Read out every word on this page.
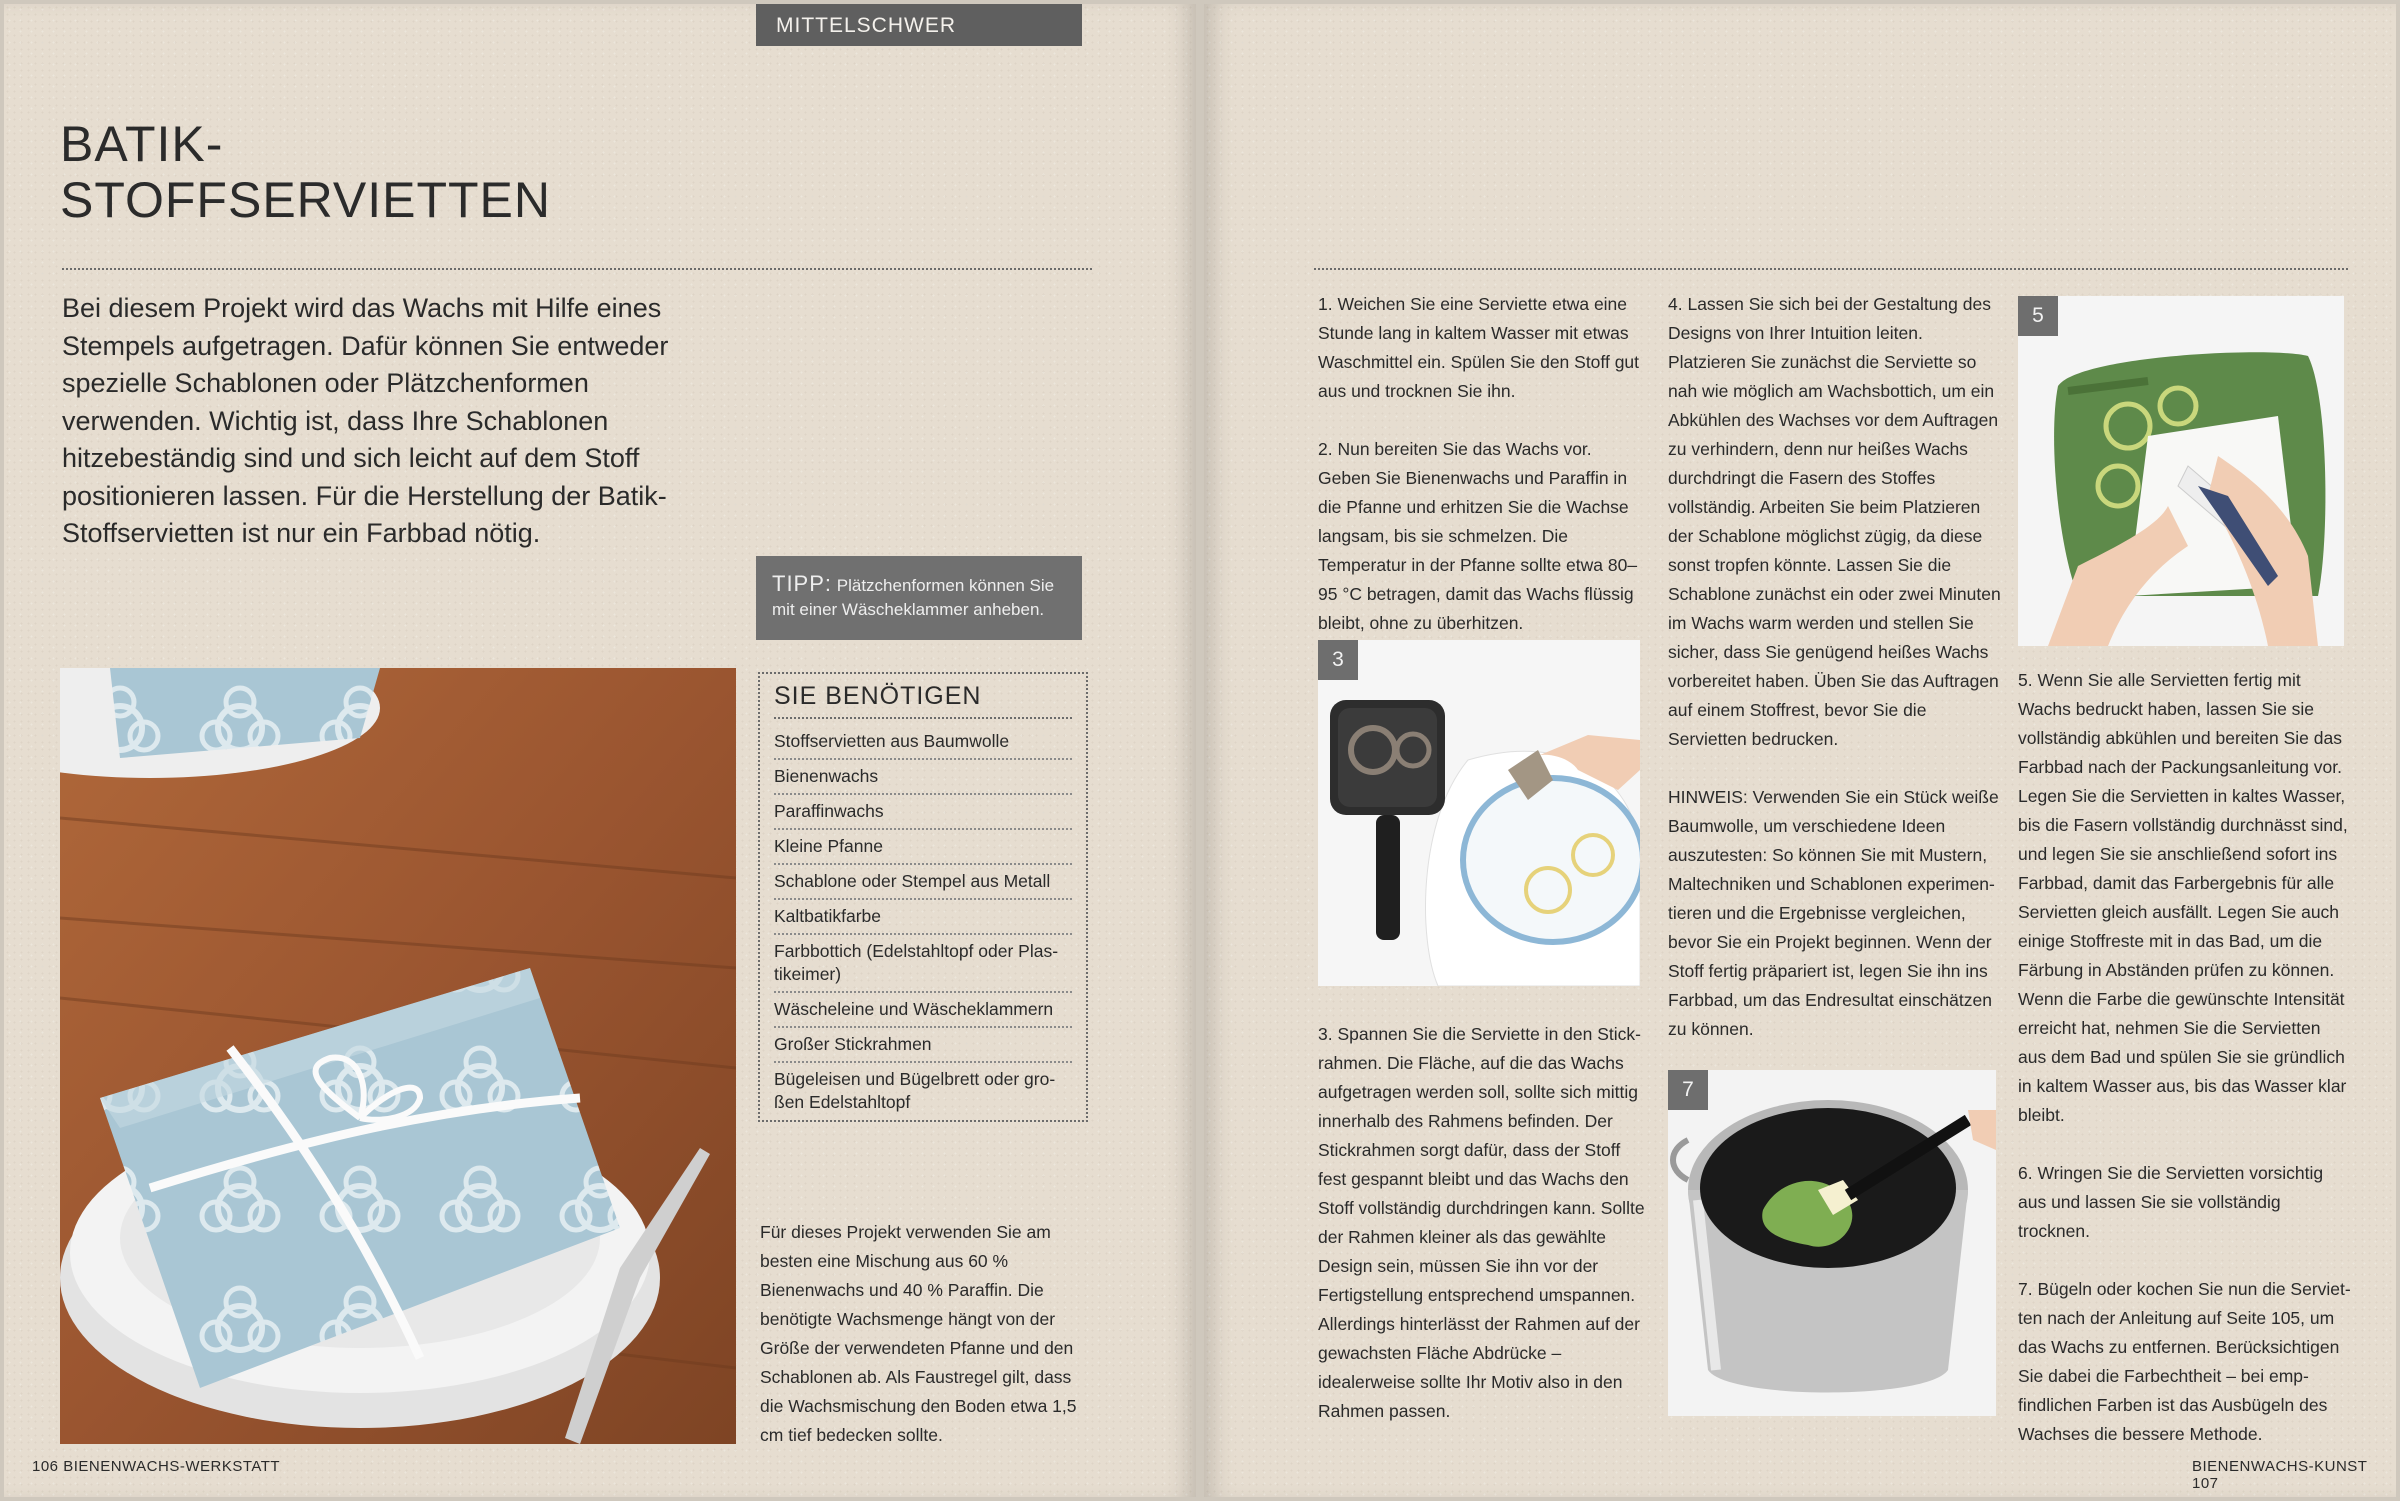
MITTELSCHWER
BATIK-
STOFFSERVIETTEN

Bei diesem Projekt wird das Wachs mit Hilfe eines Stempels aufgetragen. Dafür können Sie entweder spezielle Schablonen oder Plätzchenformen verwenden. Wichtig ist, dass Ihre Schablonen hitzebeständig sind und sich leicht auf dem Stoff positionieren lassen. Für die Herstellung der Batik-Stoffservietten ist nur ein Farbbad nötig.

TIPP: Plätzchenformen können Sie mit einer Wäscheklammer anheben.
SIE BENÖTIGEN
Stoffservietten aus Baumwolle
Bienenwachs
Paraffinwachs
Kleine Pfanne
Schablone oder Stempel aus Metall
Kaltbatikfarbe
Farbbottich (Edelstahltopf oder Plastikeimer)
Wäscheleine und Wäscheklammern
Großer Stickrahmen
Bügeleisen und Bügelbrett oder großen Edelstahltopf
Für dieses Projekt verwenden Sie am besten eine Mischung aus 60 % Bienenwachs und 40 % Paraffin. Die benötigte Wachsmenge hängt von der Größe der verwendeten Pfanne und den Schablonen ab. Als Faustregel gilt, dass die Wachsmischung den Boden etwa 1,5 cm tief bedecken sollte.
106 BIENENWACHS-WERKSTATT

1. Weichen Sie eine Serviette etwa eine Stunde lang in kaltem Wasser mit etwas Waschmittel ein. Spülen Sie den Stoff gut aus und trocknen Sie ihn.

2. Nun bereiten Sie das Wachs vor. Geben Sie Bienenwachs und Paraffin in die Pfanne und erhitzen Sie die Wachse langsam, bis sie schmelzen. Die Temperatur in der Pfanne sollte etwa 80–95 °C betragen, damit das Wachs flüssig bleibt, ohne zu überhitzen.

3
3. Spannen Sie die Serviette in den Stickrahmen. Die Fläche, auf die das Wachs aufgetragen werden soll, sollte sich mittig innerhalb des Rahmens befinden. Der Stickrahmen sorgt dafür, dass der Stoff fest gespannt bleibt und das Wachs den Stoff vollständig durchdringen kann. Sollte der Rahmen kleiner als das gewählte Design sein, müssen Sie ihn vor der Fertigstellung entsprechend umspannen. Allerdings hinterlässt der Rahmen auf der gewachsten Fläche Abdrücke – idealerweise sollte Ihr Motiv also in den Rahmen passen.

4. Lassen Sie sich bei der Gestaltung des Designs von Ihrer Intuition leiten. Platzieren Sie zunächst die Serviette so nah wie möglich am Wachsbottich, um ein Abkühlen des Wachses vor dem Auftragen zu verhindern, denn nur heißes Wachs durchdringt die Fasern des Stoffes vollständig. Arbeiten Sie beim Platzieren der Schablone möglichst zügig, da diese sonst tropfen könnte. Lassen Sie die Schablone zunächst ein oder zwei Minuten im Wachs warm werden und stellen Sie sicher, dass Sie genügend heißes Wachs vorbereitet haben. Üben Sie das Auftragen auf einem Stoffrest, bevor Sie die Servietten bedrucken.

HINWEIS: Verwenden Sie ein Stück weiße Baumwolle, um verschiedene Ideen auszutesten: So können Sie mit Mustern, Maltechniken und Schablonen experimentieren und die Ergebnisse vergleichen, bevor Sie ein Projekt beginnen. Wenn der Stoff fertig präpariert ist, legen Sie ihn ins Farbbad, um das Endresultat einschätzen zu können.

7
5

5. Wenn Sie alle Servietten fertig mit Wachs bedruckt haben, lassen Sie sie vollständig abkühlen und bereiten Sie das Farbbad nach der Packungsanleitung vor. Legen Sie die Servietten in kaltes Wasser, bis die Fasern vollständig durchnässt sind, und legen Sie sie anschließend sofort ins Farbbad, damit das Farbergebnis für alle Servietten gleich ausfällt. Legen Sie auch einige Stoffreste mit in das Bad, um die Färbung in Abständen prüfen zu können. Wenn die Farbe die gewünschte Intensität erreicht hat, nehmen Sie die Servietten aus dem Bad und spülen Sie sie gründlich in kaltem Wasser aus, bis das Wasser klar bleibt.

6. Wringen Sie die Servietten vorsichtig aus und lassen Sie sie vollständig trocknen.

7. Bügeln oder kochen Sie nun die Servietten nach der Anleitung auf Seite 105, um das Wachs zu entfernen. Berücksichtigen Sie dabei die Farbechtheit – bei empfindlichen Farben ist das Ausbügeln des Wachses die bessere Methode.

BIENENWACHS-KUNST 107
